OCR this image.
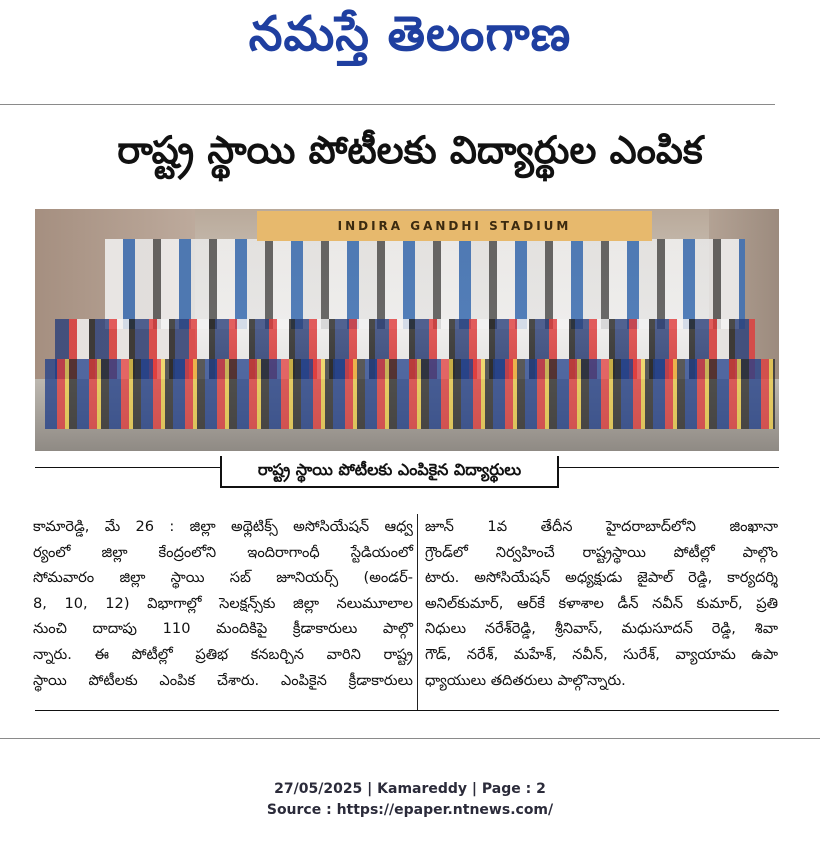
నమస్తే తెలంగాణ
రాష్ట్ర స్థాయి పోటీలకు విద్యార్థుల ఎంపిక
INDIRA GANDHI STADIUM
రాష్ట్ర స్థాయి పోటీలకు ఎంపికైన విద్యార్థులు

కామారెడ్డి, మే 26 : జిల్లా అథ్లెటిక్స్ అసోసియేషన్ ఆధ్వ

ర్యంలో జిల్లా కేంద్రంలోని ఇందిరాగాంధీ స్టేడియంలో

సోమవారం జిల్లా స్థాయి సబ్ జూనియర్స్ (అండర్-

8, 10, 12) విభాగాల్లో సెలక్షన్స్‌కు జిల్లా నలుమూలాల

నుంచి దాదాపు 110 మందికిపై క్రీడాకారులు పాల్గొ

న్నారు. ఈ పోటీల్లో ప్రతిభ కనబర్చిన వారిని రాష్ట్ర

స్థాయి పోటీలకు ఎంపిక చేశారు. ఎంపికైన క్రీడాకారులు

జూన్ 1వ తేదీన హైదరాబాద్‌లోని జింఖానా

గ్రౌండ్‌లో నిర్వహించే రాష్ట్రస్థాయి పోటీల్లో పాల్గొం

టారు. అసోసియేషన్ అధ్యక్షుడు జైపాల్ రెడ్డి, కార్యదర్శి

అనిల్‌కుమార్, ఆర్‌కే కళాశాల డీన్ నవీన్ కుమార్, ప్రతి

నిధులు నరేశ్‌రెడ్డి, శ్రీనివాస్, మధుసూదన్ రెడ్డి, శివా

గౌడ్, నరేశ్, మహేశ్, నవీన్, సురేశ్, వ్యాయామ ఉపా

ధ్యాయులు తదితరులు పాల్గొన్నారు.

27/05/2025 | Kamareddy | Page : 2
Source : https://epaper.ntnews.com/
